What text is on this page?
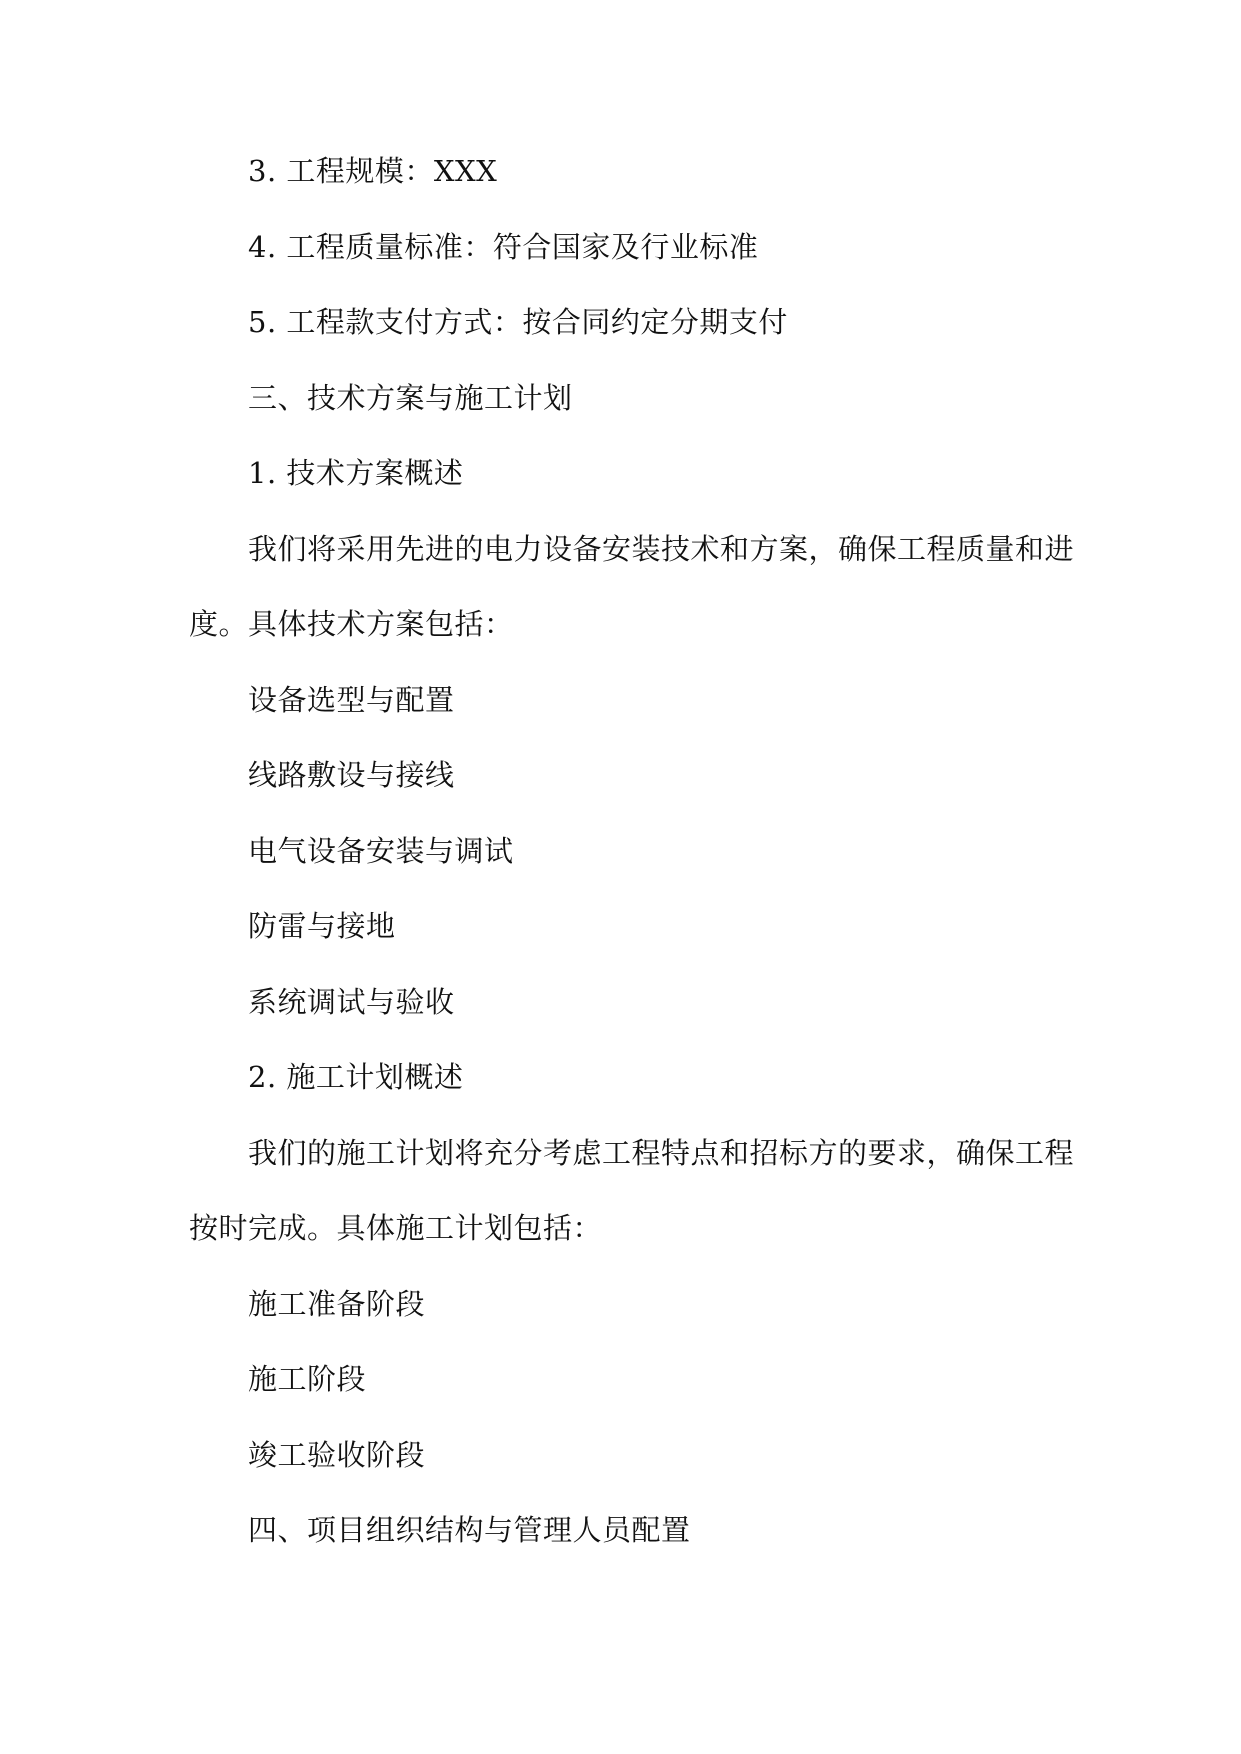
3. 工程规模：XXX
4. 工程质量标准：符合国家及行业标准
5. 工程款支付方式：按合同约定分期支付
三、技术方案与施工计划
1. 技术方案概述
我们将采用先进的电力设备安装技术和方案，确保工程质量和进
度。具体技术方案包括：
设备选型与配置
线路敷设与接线
电气设备安装与调试
防雷与接地
系统调试与验收
2. 施工计划概述
我们的施工计划将充分考虑工程特点和招标方的要求，确保工程
按时完成。具体施工计划包括：
施工准备阶段
施工阶段
竣工验收阶段
四、项目组织结构与管理人员配置
